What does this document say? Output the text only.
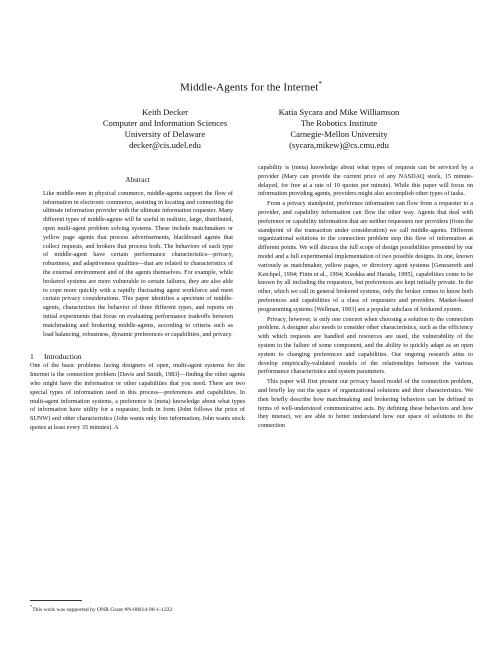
Middle-Agents for the Internet*
Keith Decker
Computer and Information Sciences
University of Delaware
decker@cis.udel.edu
Katia Sycara and Mike Williamson
The Robotics Institute
Carnegie-Mellon University
(sycara,mikew)@cs.cmu.edu
Abstract

Like middle-men in physical commerce, middle-agents support the flow of information in electronic commerce, assisting in locating and connecting the ultimate information provider with the ultimate information requester. Many different types of middle-agents will be useful in realistic, large, distributed, open multi-agent problem solving systems. These include matchmakers or yellow page agents that process advertisements, blackboard agents that collect requests, and brokers that process both. The behaviors of each type of middle-agent have certain performance characteristics—privacy, robustness, and adaptiveness qualities—that are related to characteristics of the external environment and of the agents themselves. For example, while brokered systems are more vulnerable to certain failures, they are also able to cope more quickly with a rapidly fluctuating agent workforce and meet certain privacy considerations. This paper identifies a spectrum of middle-agents, characterizes the behavior of three different types, and reports on initial experiments that focus on evaluating performance tradeoffs between matchmaking and brokering middle-agents, according to criteria such as load balancing, robustness, dynamic preferences or capabilities, and privacy.

1 Introduction

One of the basic problems facing designers of open, multi-agent systems for the Internet is the connection problem [Davis and Smith, 1983]—finding the other agents who might have the information or other capabilities that you need. There are two special types of information used in this process—preferences and capabilities. In multi-agent information systems, a preference is (meta) knowledge about what types of information have utility for a requester, both in form (John follows the price of SUNW) and other characteristics (John wants only free information; John wants stock quotes at least every 35 minutes). A

capability is (meta) knowledge about what types of requests can be serviced by a provider (Mary can provide the current price of any NASDAQ stock, 15 minute-delayed, for free at a rate of 10 quotes per minute). While this paper will focus on information providing agents, providers might also accomplish other types of tasks.

From a privacy standpoint, preference information can flow from a requester to a provider, and capability information can flow the other way. Agents that deal with preference or capability information that are neither requesters nor providers (from the standpoint of the transaction under consideration) we call middle-agents. Different organizational solutions to the connection problem stop this flow of information at different points. We will discuss the full scope of design possibilities presented by our model and a full experimental implementation of two possible designs. In one, known variously as matchmaker, yellow pages, or directory agent systems [Genesereth and Ketchpel, 1994; Finin et al., 1994; Kuokka and Harada, 1995], capabilities come to be known by all including the requesters, but preferences are kept initially private. In the other, which we call in general brokered systems, only the broker comes to know both preferences and capabilities of a class of requesters and providers. Market-based programming systems [Wellman, 1993] are a popular subclass of brokered system.

Privacy, however, is only one concern when choosing a solution to the connection problem. A designer also needs to consider other characteristics, such as the efficiency with which requests are handled and resources are used, the vulnerability of the system to the failure of some component, and the ability to quickly adapt as an open system to changing preferences and capabilities. Our ongoing research aims to develop empirically-validated models of the relationships between the various performance characteristics and system parameters.

This paper will first present our privacy based model of the connection problem, and briefly lay out the space of organizational solutions and their characteristics. We then briefly describe how matchmaking and brokering behaviors can be defined in terms of well-understood communicative acts. By defining these behaviors and how they interact, we are able to better understand how our space of solutions to the connection

*This work was supported by ONR Grant #N-00014-96-1-1222.
